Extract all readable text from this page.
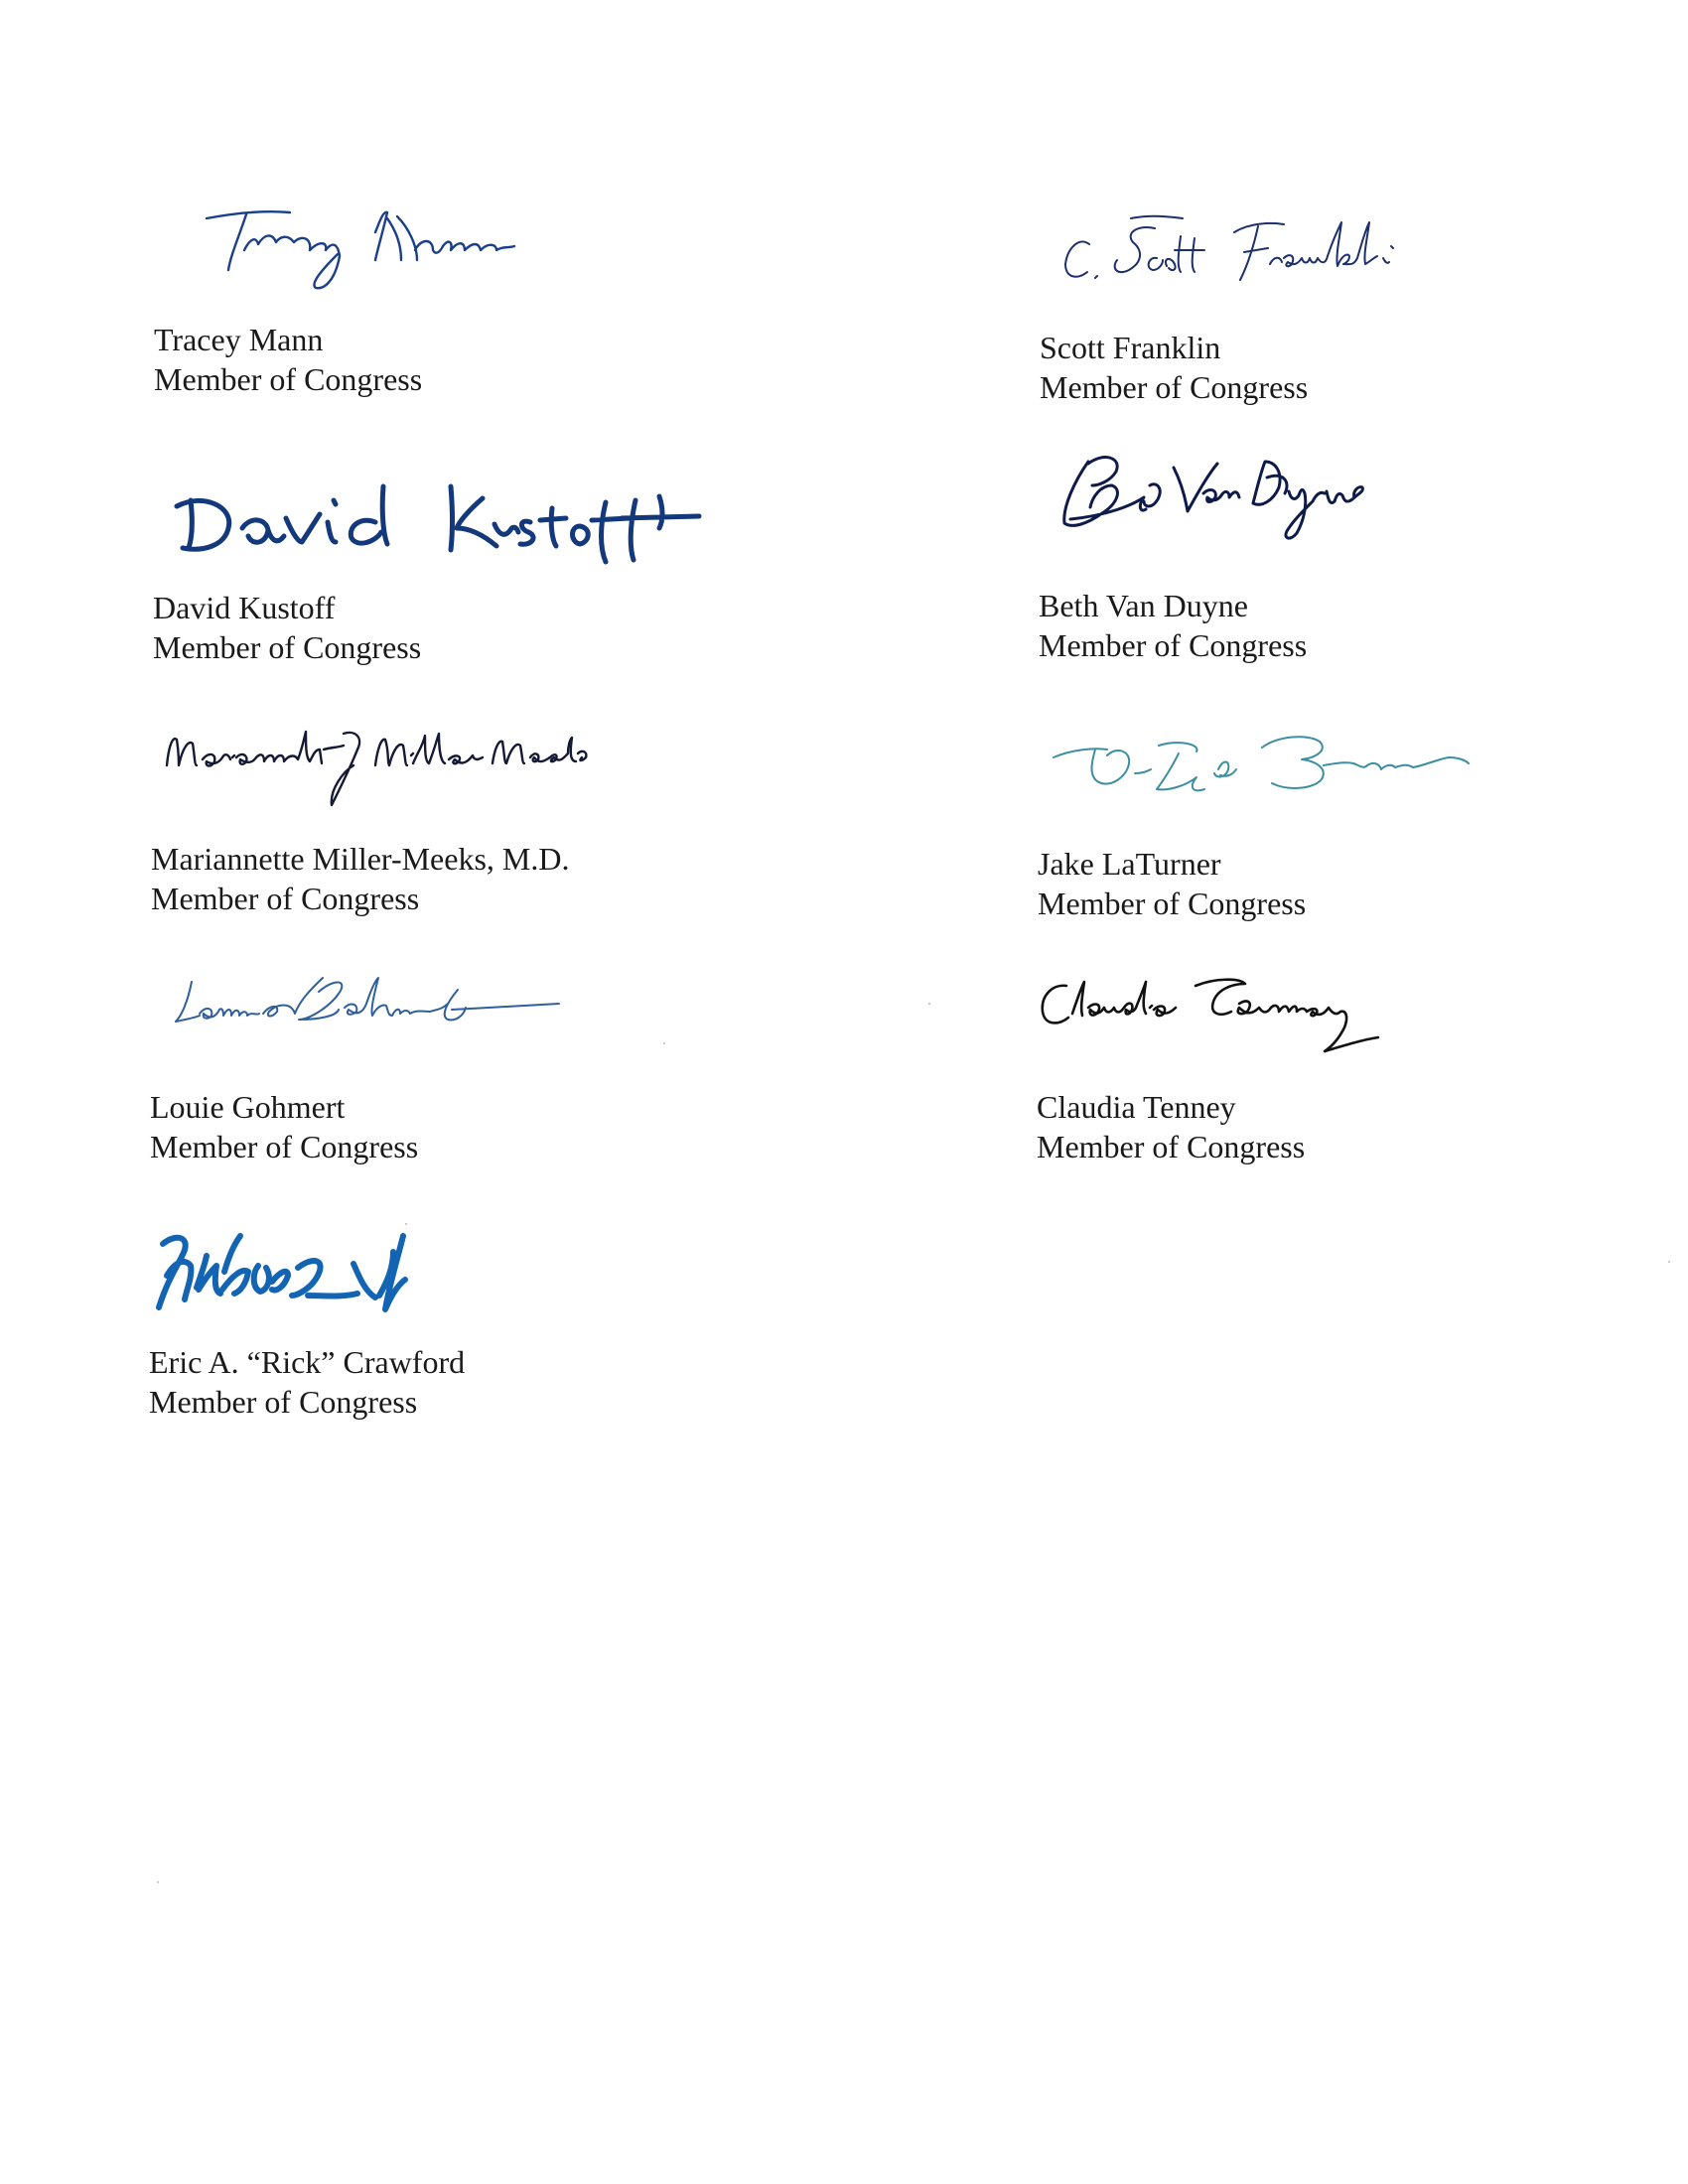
Tracey Mann
Member of Congress
David Kustoff
Member of Congress
Mariannette Miller-Meeks, M.D.
Member of Congress
Louie Gohmert
Member of Congress
Eric A. “Rick” Crawford
Member of Congress
Scott Franklin
Member of Congress
Beth Van Duyne
Member of Congress
Jake LaTurner
Member of Congress
Claudia Tenney
Member of Congress
